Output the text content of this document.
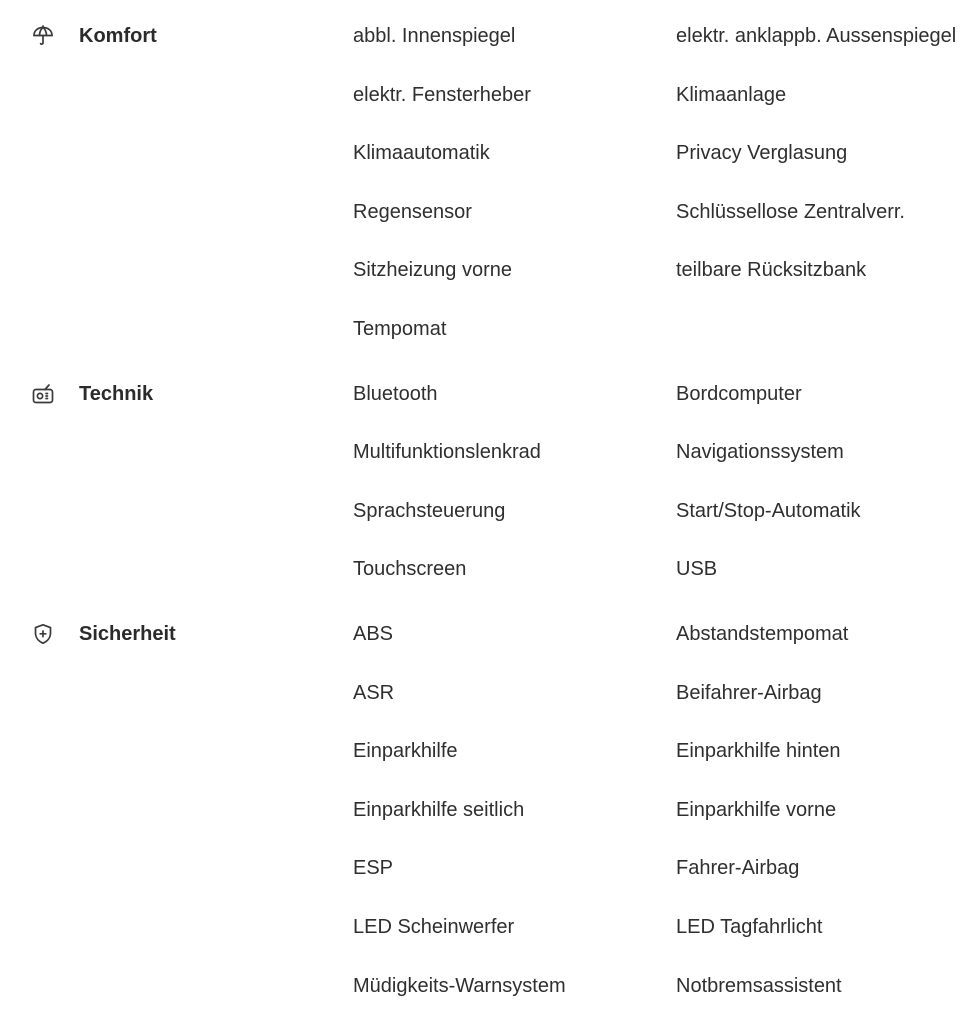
Komfort	abbl. Innenspiegel	elektr. anklappb. Aussenspiegel
elektr. Fensterheber	Klimaanlage
Klimaautomatik	Privacy Verglasung
Regensensor	Schlüssellose Zentralverr.
Sitzheizung vorne	teilbare Rücksitzbank
Tempomat
Technik	Bluetooth	Bordcomputer
Multifunktionslenkrad	Navigationssystem
Sprachsteuerung	Start/Stop-Automatik
Touchscreen	USB
Sicherheit	ABS	Abstandstempomat
ASR	Beifahrer-Airbag
Einparkhilfe	Einparkhilfe hinten
Einparkhilfe seitlich	Einparkhilfe vorne
ESP	Fahrer-Airbag
LED Scheinwerfer	LED Tagfahrlicht
Müdigkeits-Warnsystem	Notbremsassistent
